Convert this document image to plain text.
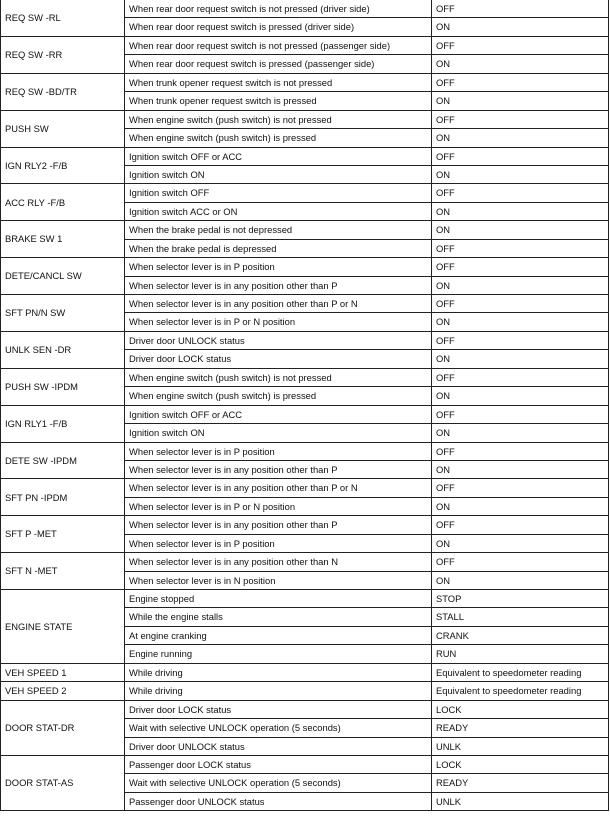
REQ SW -RL	When rear door request switch is not pressed (driver side)	OFF
	When rear door request switch is pressed (driver side)	ON
REQ SW -RR	When rear door request switch is not pressed (passenger side)	OFF
	When rear door request switch is pressed (passenger side)	ON
REQ SW -BD/TR	When trunk opener request switch is not pressed	OFF
	When trunk opener request switch is pressed	ON
PUSH SW	When engine switch (push switch) is not pressed	OFF
	When engine switch (push switch) is pressed	ON
IGN RLY2 -F/B	Ignition switch OFF or ACC	OFF
	Ignition switch ON	ON
ACC RLY -F/B	Ignition switch OFF	OFF
	Ignition switch ACC or ON	ON
BRAKE SW 1	When the brake pedal is not depressed	ON
	When the brake pedal is depressed	OFF
DETE/CANCL SW	When selector lever is in P position	OFF
	When selector lever is in any position other than P	ON
SFT PN/N SW	When selector lever is in any position other than P or N	OFF
	When selector lever is in P or N position	ON
UNLK SEN -DR	Driver door UNLOCK status	OFF
	Driver door LOCK status	ON
PUSH SW -IPDM	When engine switch (push switch) is not pressed	OFF
	When engine switch (push switch) is pressed	ON
IGN RLY1 -F/B	Ignition switch OFF or ACC	OFF
	Ignition switch ON	ON
DETE SW -IPDM	When selector lever is in P position	OFF
	When selector lever is in any position other than P	ON
SFT PN -IPDM	When selector lever is in any position other than P or N	OFF
	When selector lever is in P or N position	ON
SFT P -MET	When selector lever is in any position other than P	OFF
	When selector lever is in P position	ON
SFT N -MET	When selector lever is in any position other than N	OFF
	When selector lever is in N position	ON
ENGINE STATE	Engine stopped	STOP
	While the engine stalls	STALL
	At engine cranking	CRANK
	Engine running	RUN
VEH SPEED 1	While driving	Equivalent to speedometer reading
VEH SPEED 2	While driving	Equivalent to speedometer reading
DOOR STAT-DR	Driver door LOCK status	LOCK
	Wait with selective UNLOCK operation (5 seconds)	READY
	Driver door UNLOCK status	UNLK
DOOR STAT-AS	Passenger door LOCK status	LOCK
	Wait with selective UNLOCK operation (5 seconds)	READY
	Passenger door UNLOCK status	UNLK
